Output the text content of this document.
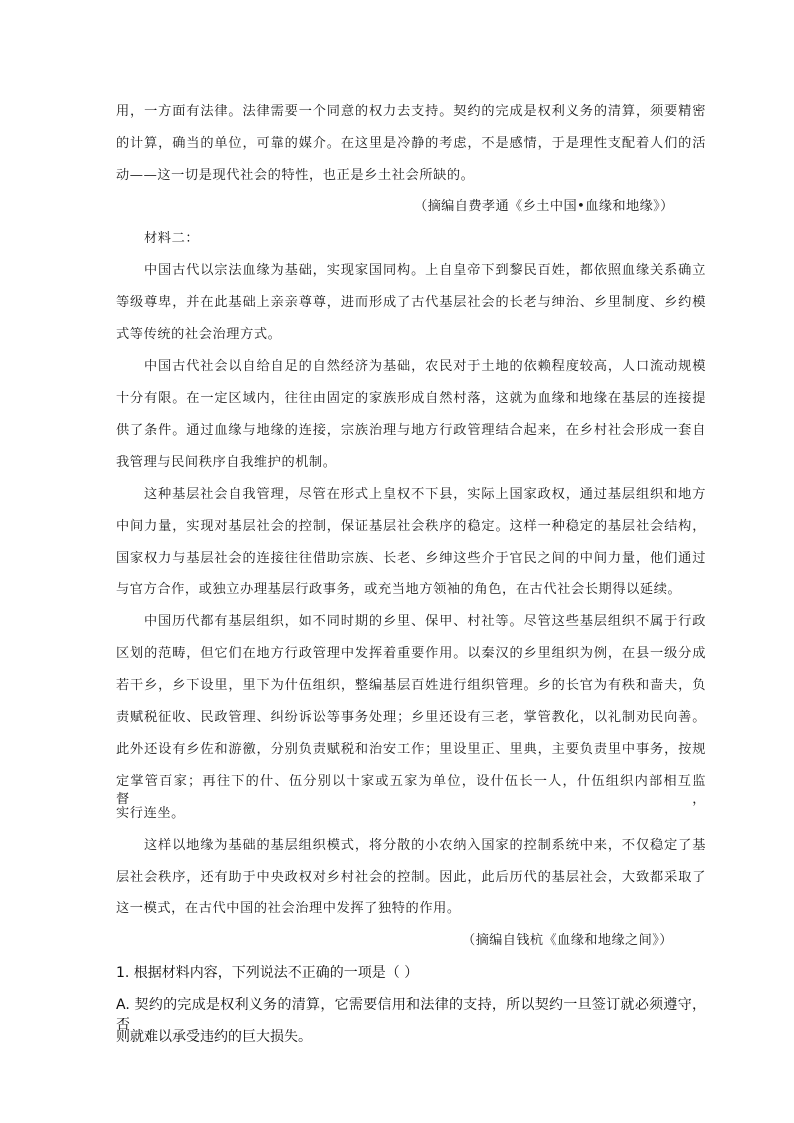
用，一方面有法律。法律需要一个同意的权力去支持。契约的完成是权利义务的清算，须要精密
的计算，确当的单位，可靠的媒介。在这里是冷静的考虑，不是感情，于是理性支配着人们的活
动——这一切是现代社会的特性，也正是乡土社会所缺的。
（摘编自费孝通《乡土中国•血缘和地缘》）
材料二：
中国古代以宗法血缘为基础，实现家国同构。上自皇帝下到黎民百姓，都依照血缘关系确立
等级尊卑，并在此基础上亲亲尊尊，进而形成了古代基层社会的长老与绅治、乡里制度、乡约模
式等传统的社会治理方式。
中国古代社会以自给自足的自然经济为基础，农民对于土地的依赖程度较高，人口流动规模
十分有限。在一定区域内，往往由固定的家族形成自然村落，这就为血缘和地缘在基层的连接提
供了条件。通过血缘与地缘的连接，宗族治理与地方行政管理结合起来，在乡村社会形成一套自
我管理与民间秩序自我维护的机制。
这种基层社会自我管理，尽管在形式上皇权不下县，实际上国家政权，通过基层组织和地方
中间力量，实现对基层社会的控制，保证基层社会秩序的稳定。这样一种稳定的基层社会结构，
国家权力与基层社会的连接往往借助宗族、长老、乡绅这些介于官民之间的中间力量，他们通过
与官方合作，或独立办理基层行政事务，或充当地方领袖的角色，在古代社会长期得以延续。
中国历代都有基层组织，如不同时期的乡里、保甲、村社等。尽管这些基层组织不属于行政
区划的范畴，但它们在地方行政管理中发挥着重要作用。以秦汉的乡里组织为例，在县一级分成
若干乡，乡下设里，里下为什伍组织，整编基层百姓进行组织管理。乡的长官为有秩和啬夫，负
责赋税征收、民政管理、纠纷诉讼等事务处理；乡里还设有三老，掌管教化，以礼制劝民向善。
此外还设有乡佐和游徼，分别负责赋税和治安工作；里设里正、里典，主要负责里中事务，按规
定掌管百家；再往下的什、伍分别以十家或五家为单位，设什伍长一人，什伍组织内部相互监督，
实行连坐。
这样以地缘为基础的基层组织模式，将分散的小农纳入国家的控制系统中来，不仅稳定了基
层社会秩序，还有助于中央政权对乡村社会的控制。因此，此后历代的基层社会，大致都采取了
这一模式，在古代中国的社会治理中发挥了独特的作用。
（摘编自钱杭《血缘和地缘之间》）
1. 根据材料内容，下列说法不正确的一项是（ ）
A. 契约的完成是权利义务的清算，它需要信用和法律的支持，所以契约一旦签订就必须遵守，否
则就难以承受违约的巨大损失。
